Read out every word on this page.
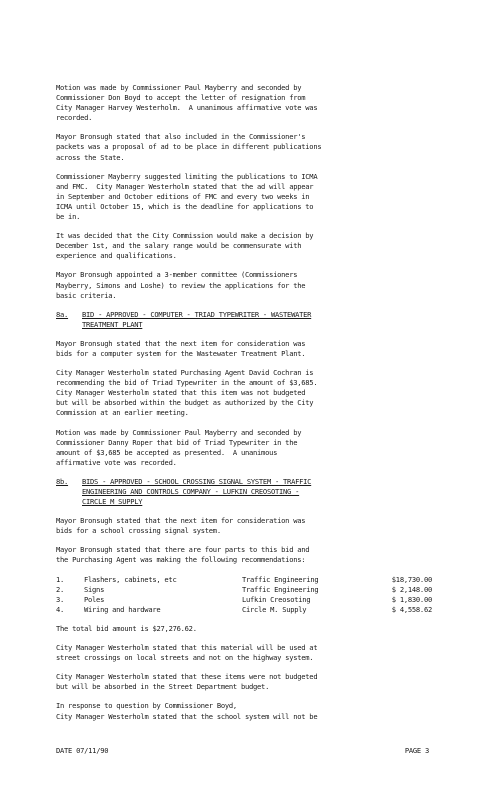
Motion was made by Commissioner Paul Mayberry and seconded by
Commissioner Don Boyd to accept the letter of resignation from
City Manager Harvey Westerholm.  A unanimous affirmative vote was
recorded.
Mayor Bronsugh stated that also included in the Commissioner's
packets was a proposal of ad to be place in different publications
across the State.
Commissioner Mayberry suggested limiting the publications to ICMA
and FMC.  City Manager Westerholm stated that the ad will appear
in September and October editions of FMC and every two weeks in
ICMA until October 15, which is the deadline for applications to
be in.
It was decided that the City Commission would make a decision by
December 1st, and the salary range would be commensurate with
experience and qualifications.
Mayor Bronsugh appointed a 3-member committee (Commissioners
Mayberry, Simons and Loshe) to review the applications for the
basic criteria.
8a.	BID - APPROVED - COMPUTER - TRIAD TYPEWRITER - WASTEWATER
TREATMENT PLANT
Mayor Bronsugh stated that the next item for consideration was
bids for a computer system for the Wastewater Treatment Plant.
City Manager Westerholm stated Purchasing Agent David Cochran is
recommending the bid of Triad Typewriter in the amount of $3,685.
City Manager Westerholm stated that this item was not budgeted
but will be absorbed within the budget as authorized by the City
Commission at an earlier meeting.
Motion was made by Commissioner Paul Mayberry and seconded by
Commissioner Danny Roper that bid of Triad Typewriter in the
amount of $3,685 be accepted as presented.  A unanimous
affirmative vote was recorded.
8b.	BIDS - APPROVED - SCHOOL CROSSING SIGNAL SYSTEM - TRAFFIC
ENGINEERING AND CONTROLS COMPANY - LUFKIN CREOSOTING -
CIRCLE M SUPPLY
Mayor Bronsugh stated that the next item for consideration was
bids for a school crossing signal system.
Mayor Bronsugh stated that there are four parts to this bid and
the Purchasing Agent was making the following recommendations:
1.	Flashers, cabinets, etc	Traffic Engineering	$18,730.00
2.	Signs	Traffic Engineering	$ 2,148.00
3.	Poles	Lufkin Creosoting	$ 1,830.00
4.	Wiring and hardware	Circle M. Supply	$ 4,558.62
The total bid amount is $27,276.62.
City Manager Westerholm stated that this material will be used at
street crossings on local streets and not on the highway system.
City Manager Westerholm stated that these items were not budgeted
but will be absorbed in the Street Department budget.
In response to question by Commissioner Boyd,
City Manager Westerholm stated that the school system will not be
DATE 07/11/90	PAGE 3
